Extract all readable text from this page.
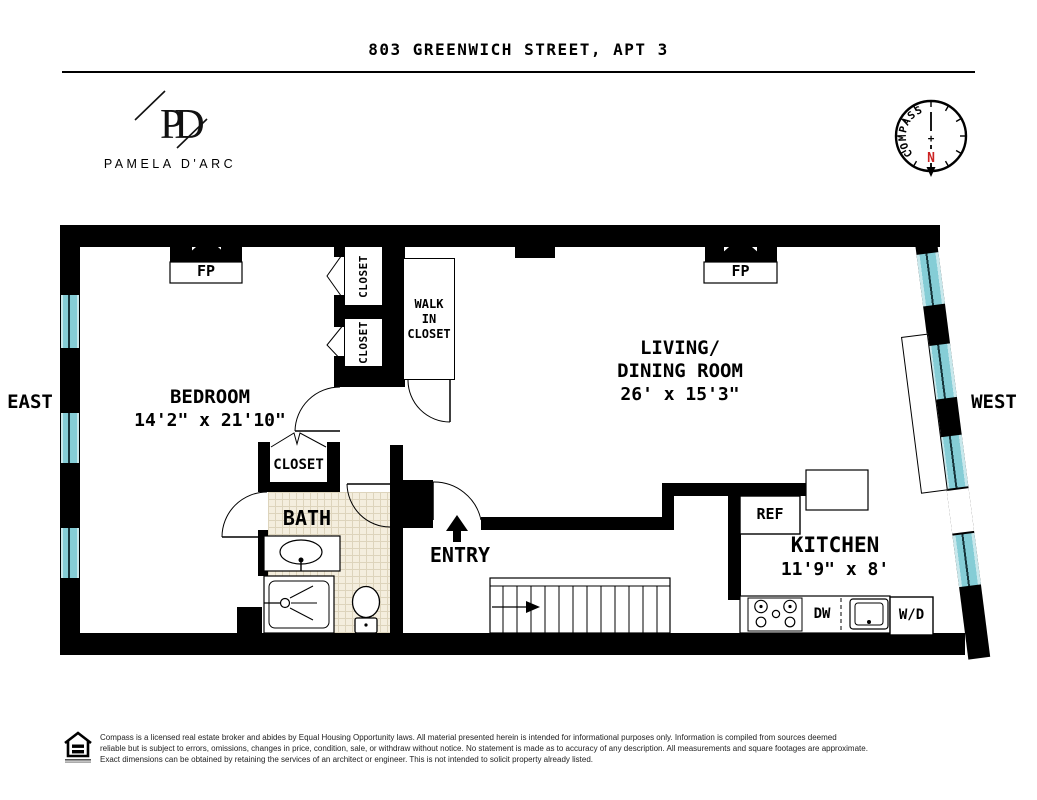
803 GREENWICH STREET, APT 3
PD
PAMELA D'ARC
COMPASS
+
N
CLOSET
CLOSET
WALK
IN
CLOSET
CLOSET
EAST	WEST
BEDROOM
14'2" x 21'10"
LIVING/
DINING ROOM
26' x 15'3"
KITCHEN
11'9" x 8'
BATH
ENTRY
FP	FP
REF
DW	W/D
Compass is a licensed real estate broker and abides by Equal Housing Opportunity laws. All material presented herein is intended for informational purposes only. Information is compiled from sources deemed
reliable but is subject to errors, omissions, changes in price, condition, sale, or withdraw without notice. No statement is made as to accuracy of any description. All measurements and square footages are approximate.
Exact dimensions can be obtained by retaining the services of an architect or engineer. This is not intended to solicit property already listed.
